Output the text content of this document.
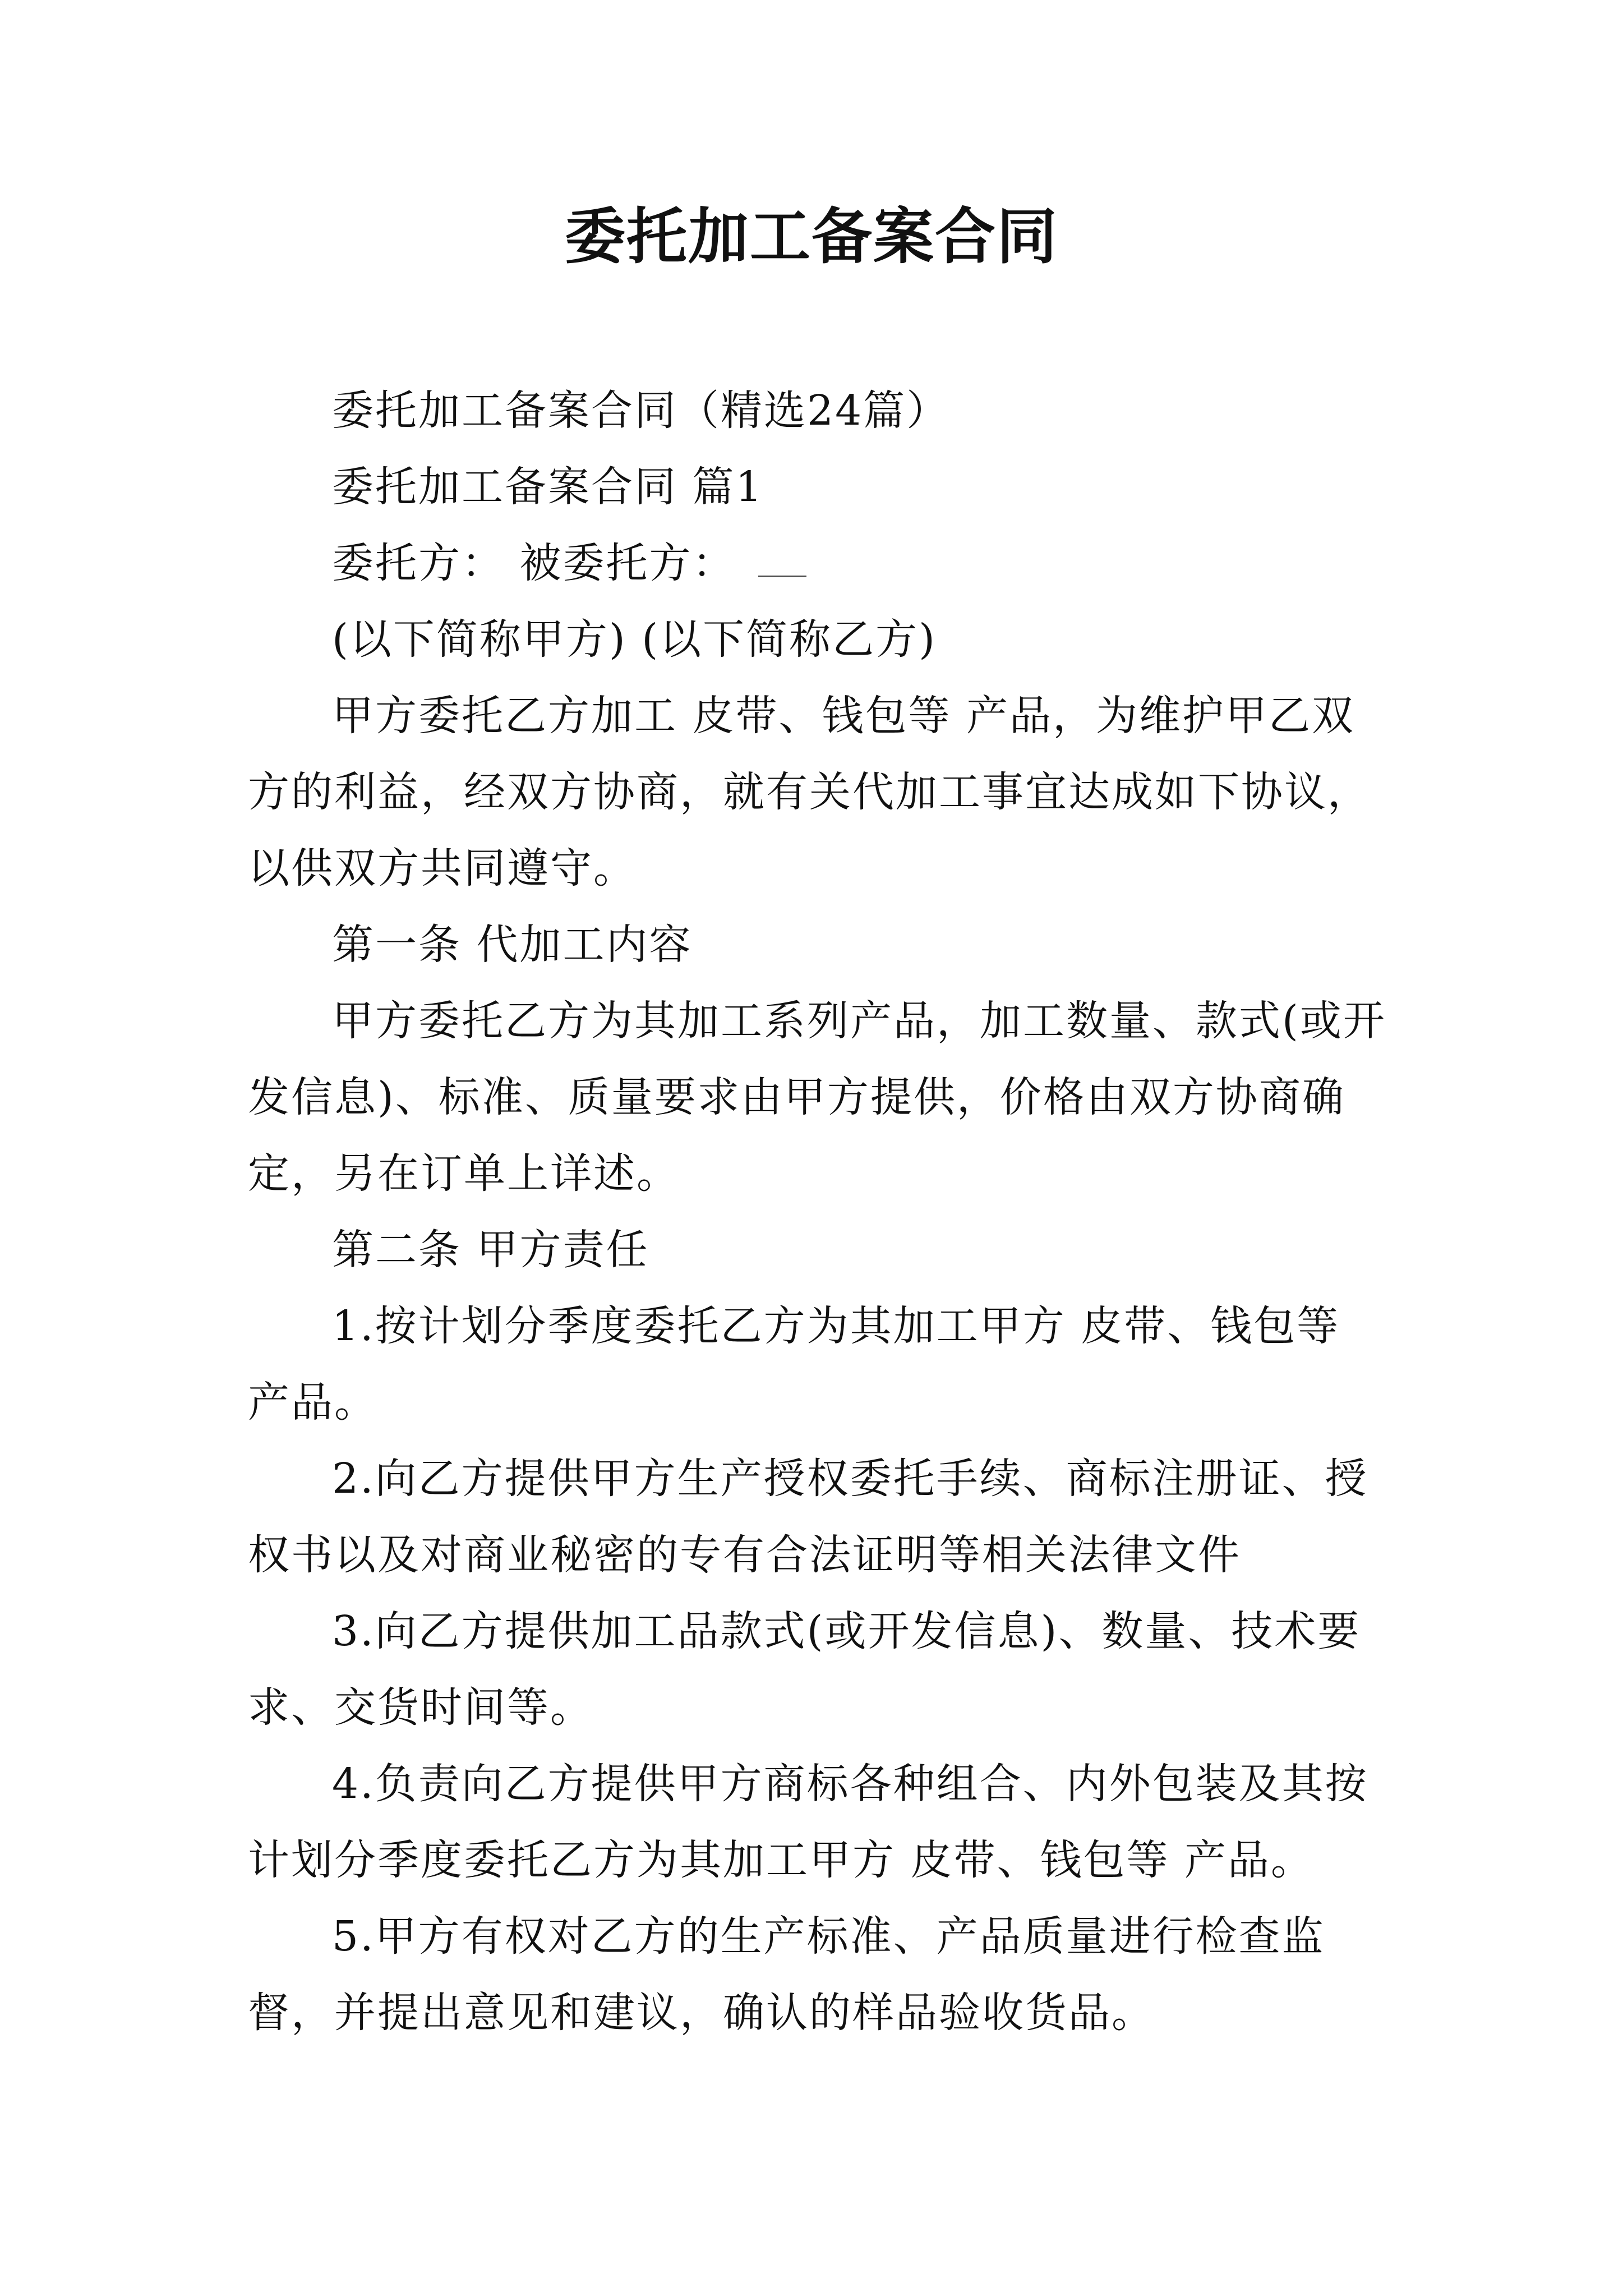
委托加工备案合同

委托加工备案合同（精选24篇）

委托加工备案合同 篇1

委托方： 被委托方：

(以下简称甲方) (以下简称乙方)

甲方委托乙方加工 皮带、钱包等 产品，为维护甲乙双方的利益，经双方协商，就有关代加工事宜达成如下协议，以供双方共同遵守。

第一条 代加工内容

甲方委托乙方为其加工系列产品，加工数量、款式(或开发信息)、标准、质量要求由甲方提供，价格由双方协商确定，另在订单上详述。

第二条 甲方责任

1.按计划分季度委托乙方为其加工甲方 皮带、钱包等 产品。

2.向乙方提供甲方生产授权委托手续、商标注册证、授权书以及对商业秘密的专有合法证明等相关法律文件

3.向乙方提供加工品款式(或开发信息)、数量、技术要求、交货时间等。

4.负责向乙方提供甲方商标各种组合、内外包装及其按计划分季度委托乙方为其加工甲方 皮带、钱包等 产品。

5.甲方有权对乙方的生产标准、产品质量进行检查监督，并提出意见和建议，确认的样品验收货品。
